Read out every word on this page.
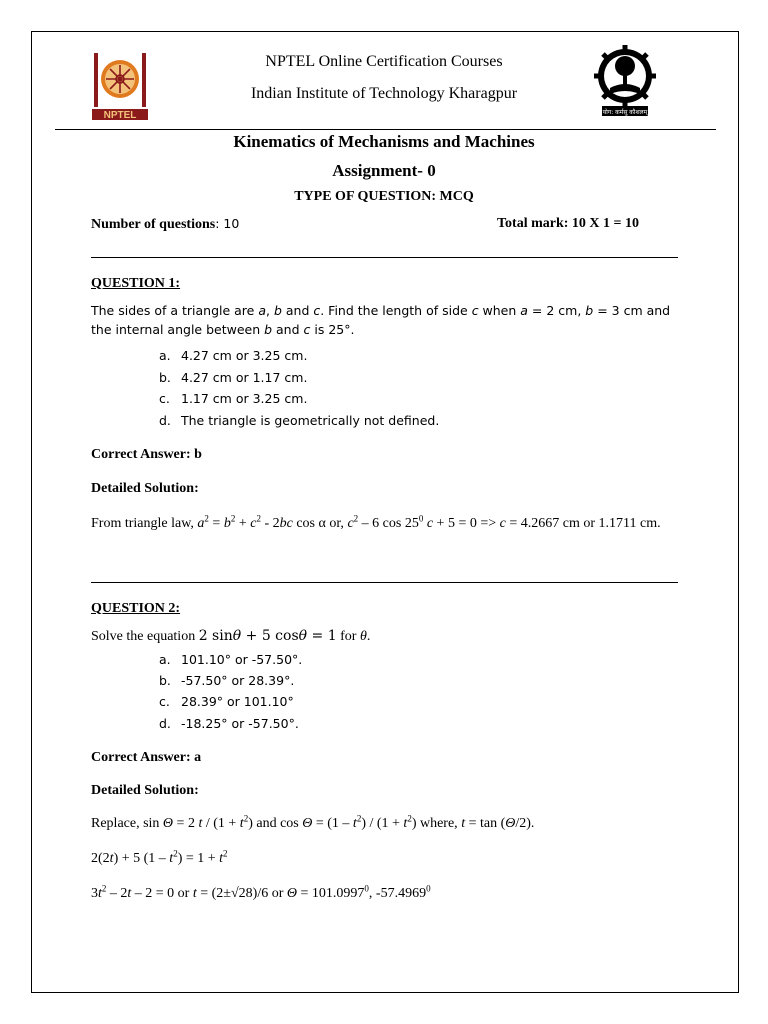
NPTEL	योग: कर्मसु कौशलम्
NPTEL Online Certification Courses
Indian Institute of Technology Kharagpur
Kinematics of Mechanisms and Machines
Assignment- 0
TYPE OF QUESTION: MCQ
Number of questions: 10	Total mark: 10 X 1 = 10
QUESTION 1:
The sides of a triangle are a, b and c. Find the length of side c when a = 2 cm, b = 3 cm and the internal angle between b and c is 25°.
a. 4.27 cm or 3.25 cm.
b. 4.27 cm or 1.17 cm.
c. 1.17 cm or 3.25 cm.
d. The triangle is geometrically not defined.
Correct Answer: b
Detailed Solution:
From triangle law, $a^2 = b^2 + c^2 - 2bc$ cos α or, $c^2 - 6$ $\cos 25^0$ c + 5 = 0 => c = 4.2667 cm or 1.1711 cm.
QUESTION 2:
Solve the equation 2 sinθ + 5 cosθ = 1 for θ.
a. 101.10° or -57.50°.
b. -57.50° or 28.39°.
c. 28.39° or 101.10°
d. -18.25° or -57.50°.
Correct Answer: a
Detailed Solution:
Replace, sin Θ = 2 $t / (1 + t^2)$ and $\cos \Theta = (1 - t^2) / (1 + t^2)$ where, t = tan (Θ/2).
2(2t) + 5 $(1 - t^2) = 1 + t^2$
$3t^2 - 2t - 2 = 0$ or t = (2±√28)/6 or $\Theta = 101.0997^0$, -57.4969$^0$
